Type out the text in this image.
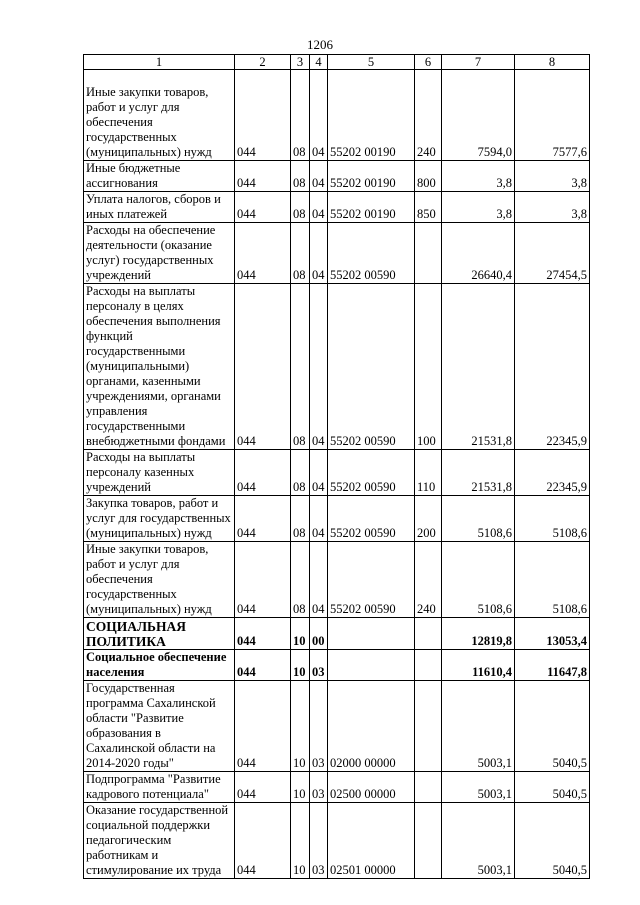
1206
1	2	3	4	5	6	7	8
Иные закупки товаров, работ и услуг для обеспечения государственных (муниципальных) нужд	044	08	04	55202 00190	240	7594,0	7577,6
Иные бюджетные ассигнования	044	08	04	55202 00190	800	3,8	3,8
Уплата налогов, сборов и иных платежей	044	08	04	55202 00190	850	3,8	3,8
Расходы на обеспечение деятельности (оказание услуг) государственных учреждений	044	08	04	55202 00590		26640,4	27454,5
Расходы на выплаты персоналу в целях обеспечения выполнения функций государственными (муниципальными) органами, казенными учреждениями, органами управления государственными внебюджетными фондами	044	08	04	55202 00590	100	21531,8	22345,9
Расходы на выплаты персоналу казенных учреждений	044	08	04	55202 00590	110	21531,8	22345,9
Закупка товаров, работ и услуг для государственных (муниципальных) нужд	044	08	04	55202 00590	200	5108,6	5108,6
Иные закупки товаров, работ и услуг для обеспечения государственных (муниципальных) нужд	044	08	04	55202 00590	240	5108,6	5108,6
СОЦИАЛЬНАЯ ПОЛИТИКА	044	10	00			12819,8	13053,4
Социальное обеспечение населения	044	10	03			11610,4	11647,8
Государственная программа Сахалинской области "Развитие образования в Сахалинской области на 2014-2020 годы"	044	10	03	02000 00000		5003,1	5040,5
Подпрограмма "Развитие кадрового потенциала"	044	10	03	02500 00000		5003,1	5040,5
Оказание государственной социальной поддержки педагогическим работникам и стимулирование их труда	044	10	03	02501 00000		5003,1	5040,5
